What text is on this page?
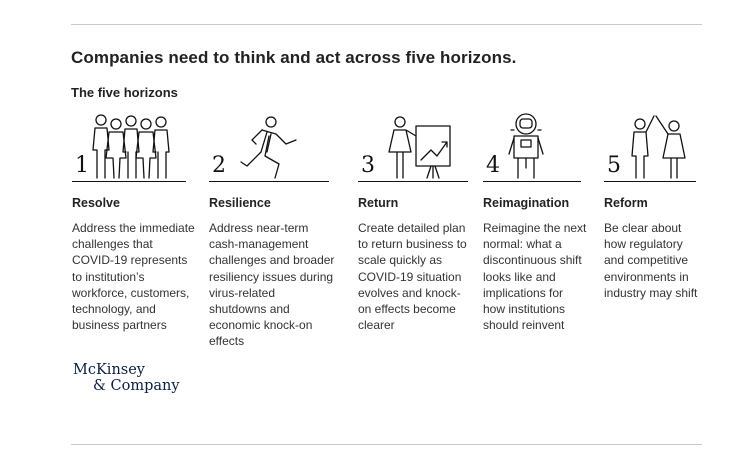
Companies need to think and act across five horizons.
The five horizons
1
Resolve

Address the immediate challenges that COVID-19 represents to institution’s workforce, customers, technology, and business partners

2
Resilience

Address near-term cash-management challenges and broader resiliency issues during virus-related shutdowns and economic knock-on effects

3
Return

Create detailed plan to return business to scale quickly as COVID-19 situation evolves and knock-on effects become clearer

4
Reimagination

Reimagine the next normal: what a discontinuous shift looks like and implications for how institutions should reinvent

5
Reform

Be clear about how regulatory and competitive environments in industry may shift

McKinsey
& Company
